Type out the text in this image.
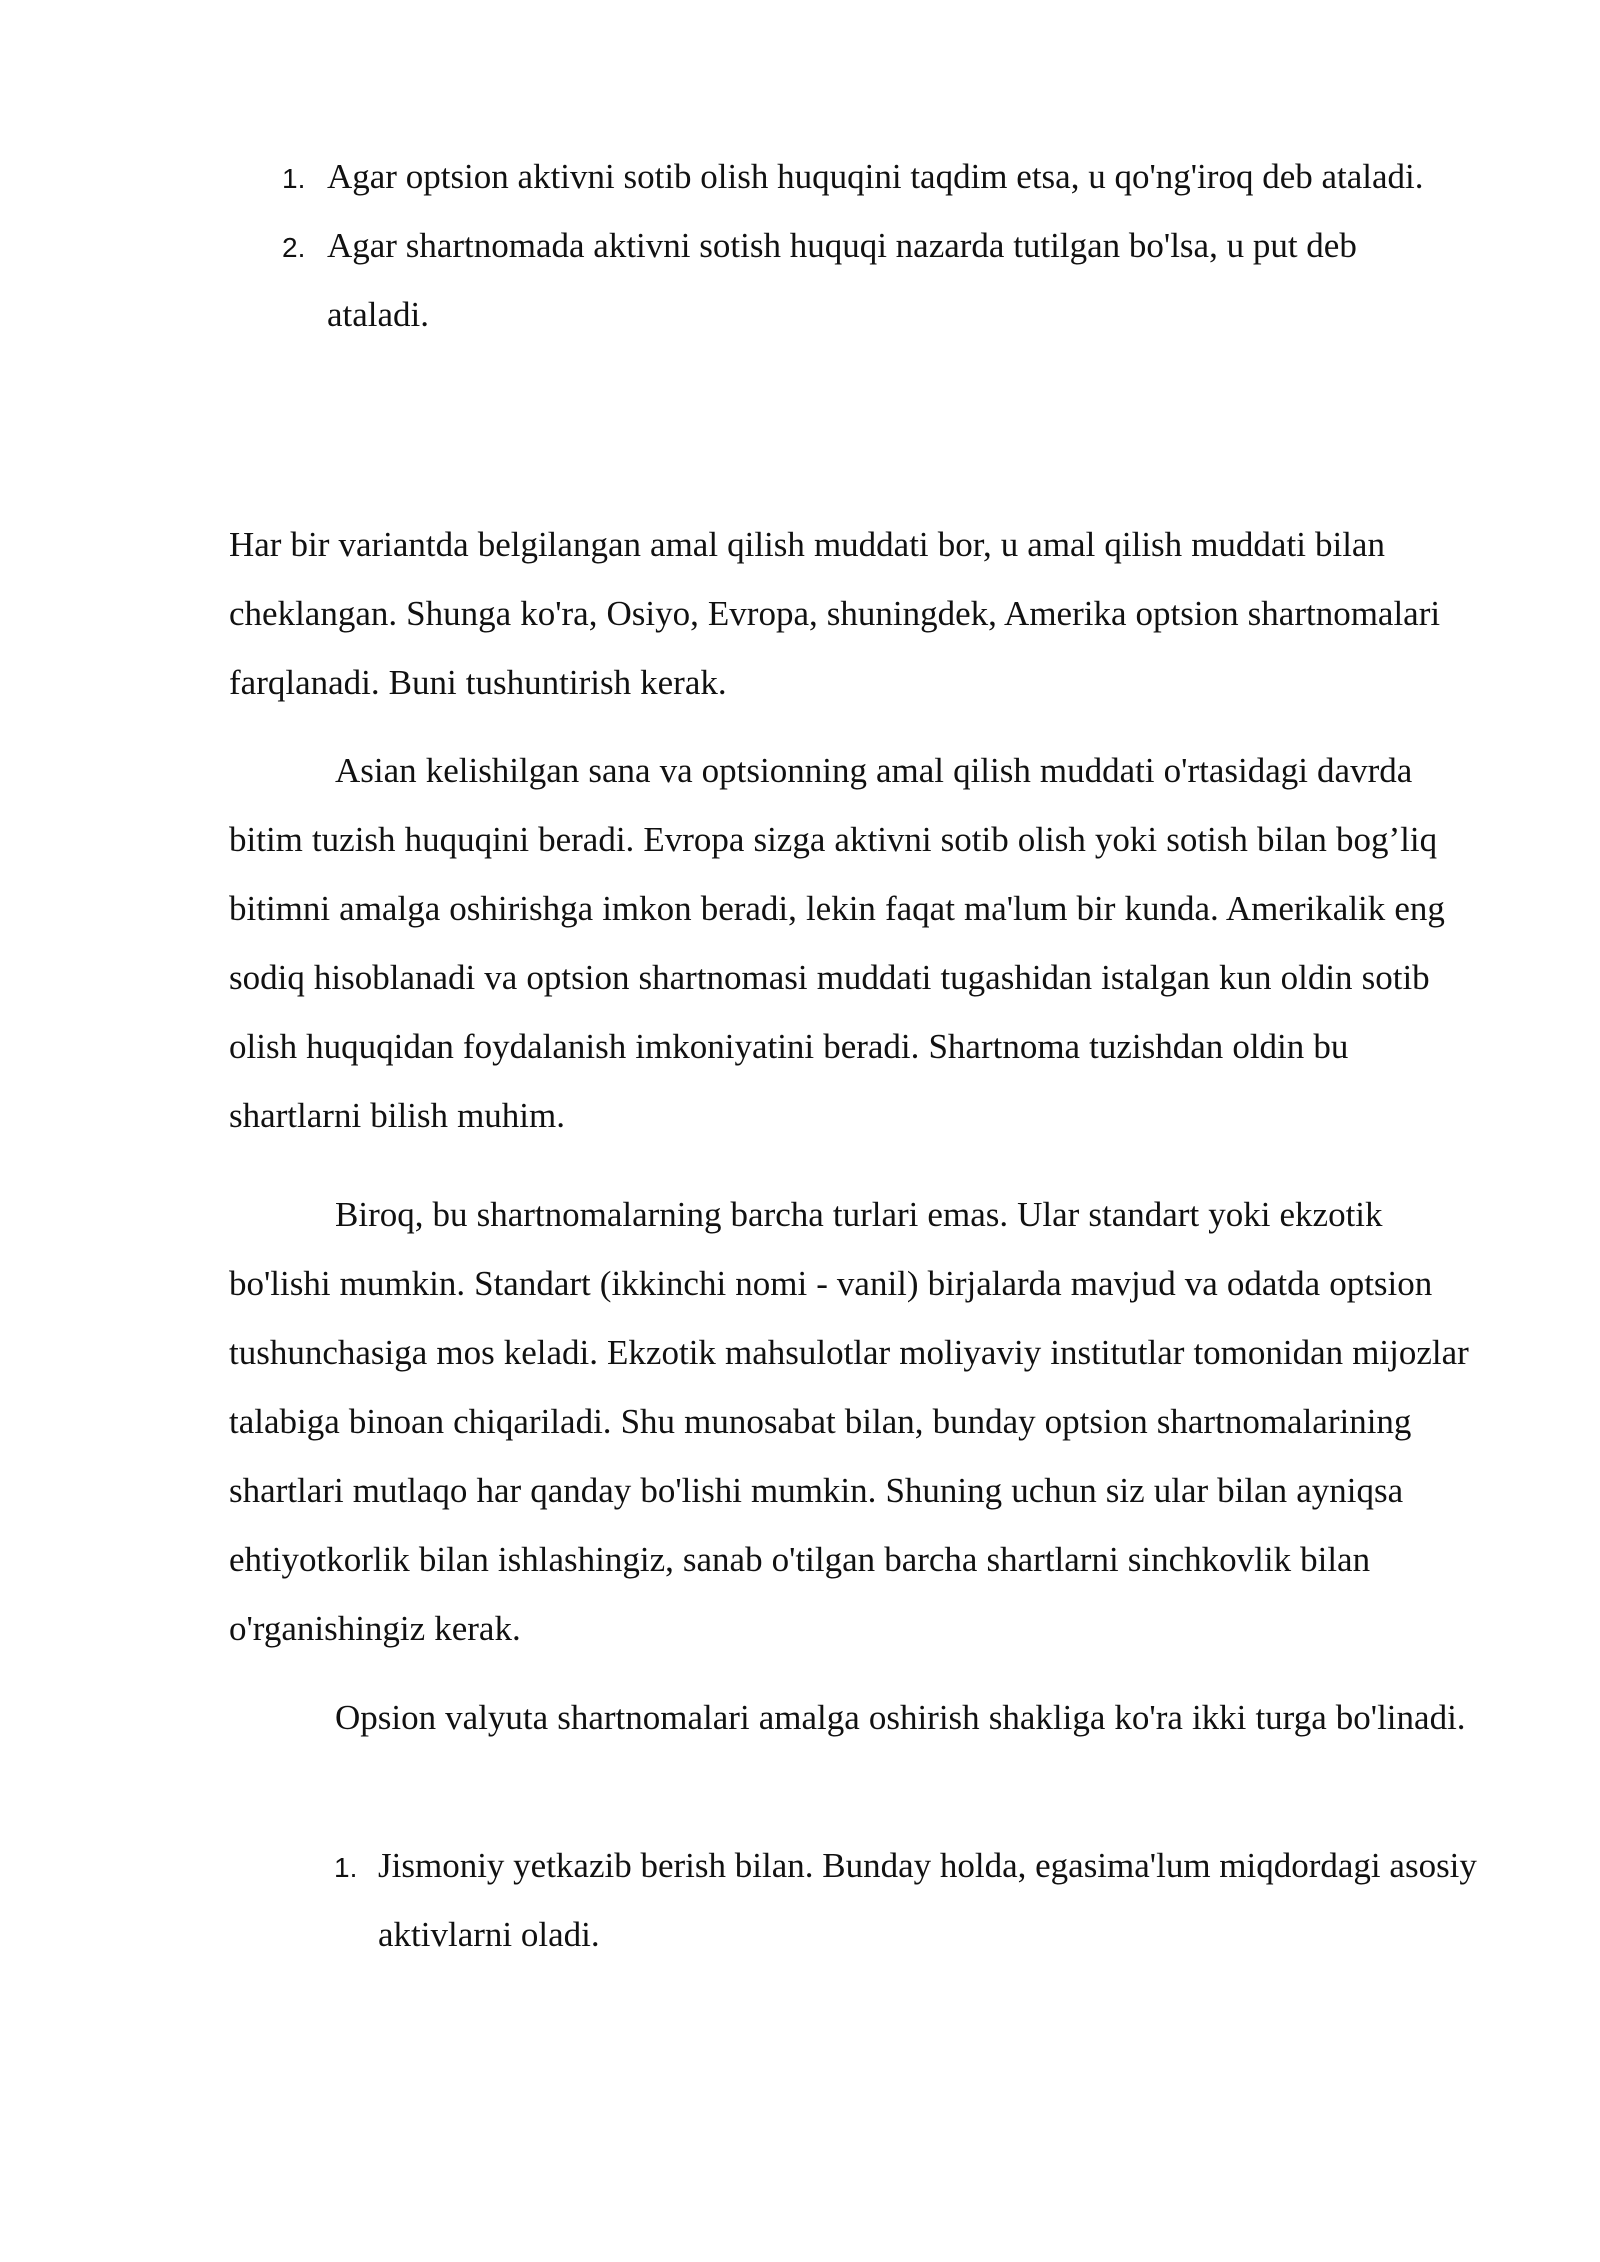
1. Agar optsion aktivni sotib olish huquqini taqdim etsa, u qo'ng'iroq deb ataladi.
2. Agar shartnomada aktivni sotish huquqi nazarda tutilgan bo'lsa, u put deb ataladi.

Har bir variantda belgilangan amal qilish muddati bor, u amal qilish muddati bilan cheklangan. Shunga ko'ra, Osiyo, Evropa, shuningdek, Amerika optsion shartnomalari farqlanadi. Buni tushuntirish kerak.

Asian kelishilgan sana va optsionning amal qilish muddati o'rtasidagi davrda bitim tuzish huquqini beradi. Evropa sizga aktivni sotib olish yoki sotish bilan bog’liq bitimni amalga oshirishga imkon beradi, lekin faqat ma'lum bir kunda. Amerikalik eng sodiq hisoblanadi va optsion shartnomasi muddati tugashidan istalgan kun oldin sotib olish huquqidan foydalanish imkoniyatini beradi. Shartnoma tuzishdan oldin bu shartlarni bilish muhim.

Biroq, bu shartnomalarning barcha turlari emas. Ular standart yoki ekzotik bo'lishi mumkin. Standart (ikkinchi nomi - vanil) birjalarda mavjud va odatda optsion tushunchasiga mos keladi. Ekzotik mahsulotlar moliyaviy institutlar tomonidan mijozlar talabiga binoan chiqariladi. Shu munosabat bilan, bunday optsion shartnomalarining shartlari mutlaqo har qanday bo'lishi mumkin. Shuning uchun siz ular bilan ayniqsa ehtiyotkorlik bilan ishlashingiz, sanab o'tilgan barcha shartlarni sinchkovlik bilan o'rganishingiz kerak.

Opsion valyuta shartnomalari amalga oshirish shakliga ko'ra ikki turga bo'linadi.

1. Jismoniy yetkazib berish bilan. Bunday holda, egasima'lum miqdordagi asosiy aktivlarni oladi.
